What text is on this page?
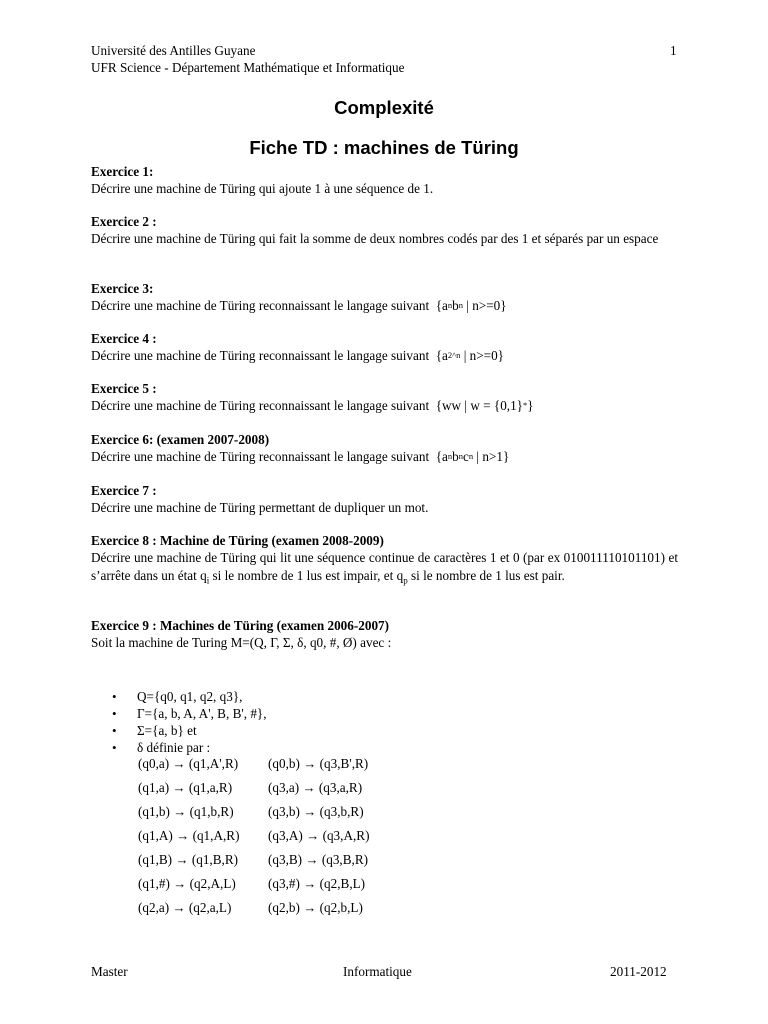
Université des Antilles Guyane
UFR Science - Département Mathématique et Informatique
1
Complexité
Fiche TD : machines de Türing
Exercice 1:
Décrire une machine de Türing qui ajoute 1 à une séquence de 1.
Exercice 2 :
Décrire une machine de Türing qui fait la somme de deux nombres codés par des 1 et séparés par un espace
Exercice 3:
Décrire une machine de Türing reconnaissant le langage suivant {$a^nb^n$ | n>=0}
Exercice 4 :
Décrire une machine de Türing reconnaissant le langage suivant {$a^{2\^{}n}$ | n>=0}
Exercice 5 :
Décrire une machine de Türing reconnaissant le langage suivant {ww | w = {0,1}*}
Exercice 6: (examen 2007-2008)
Décrire une machine de Türing reconnaissant le langage suivant {$a^nb^nc^n$ | n>1}
Exercice 7 :
Décrire une machine de Türing permettant de dupliquer un mot.
Exercice 8 : Machine de Türing (examen 2008-2009)
Décrire une machine de Türing qui lit une séquence continue de caractères 1 et 0 (par ex 010011110101101) et s’arrête dans un état $q_i$ si le nombre de 1 lus est impair, et $q_p$ si le nombre de 1 lus est pair.
Exercice 9 : Machines de Türing (examen 2006-2007)
Soit la machine de Turing M=(Q, Γ, Σ, δ, q0, #, Ø) avec :
•	Q={q0, q1, q2, q3},
•	Γ={a, b, A, A', B, B', #},
•	Σ={a, b} et
•	δ définie par :
(q0,a) → (q1,A',R)	(q0,b) → (q3,B',R)
(q1,a) → (q1,a,R)	(q3,a) → (q3,a,R)
(q1,b) → (q1,b,R)	(q3,b) → (q3,b,R)
(q1,A) → (q1,A,R)	(q3,A) → (q3,A,R)
(q1,B) → (q1,B,R)	(q3,B) → (q3,B,R)
(q1,#) → (q2,A,L)	(q3,#) → (q2,B,L)
(q2,a) → (q2,a,L)	(q2,b) → (q2,b,L)
Master	Informatique	2011-2012
